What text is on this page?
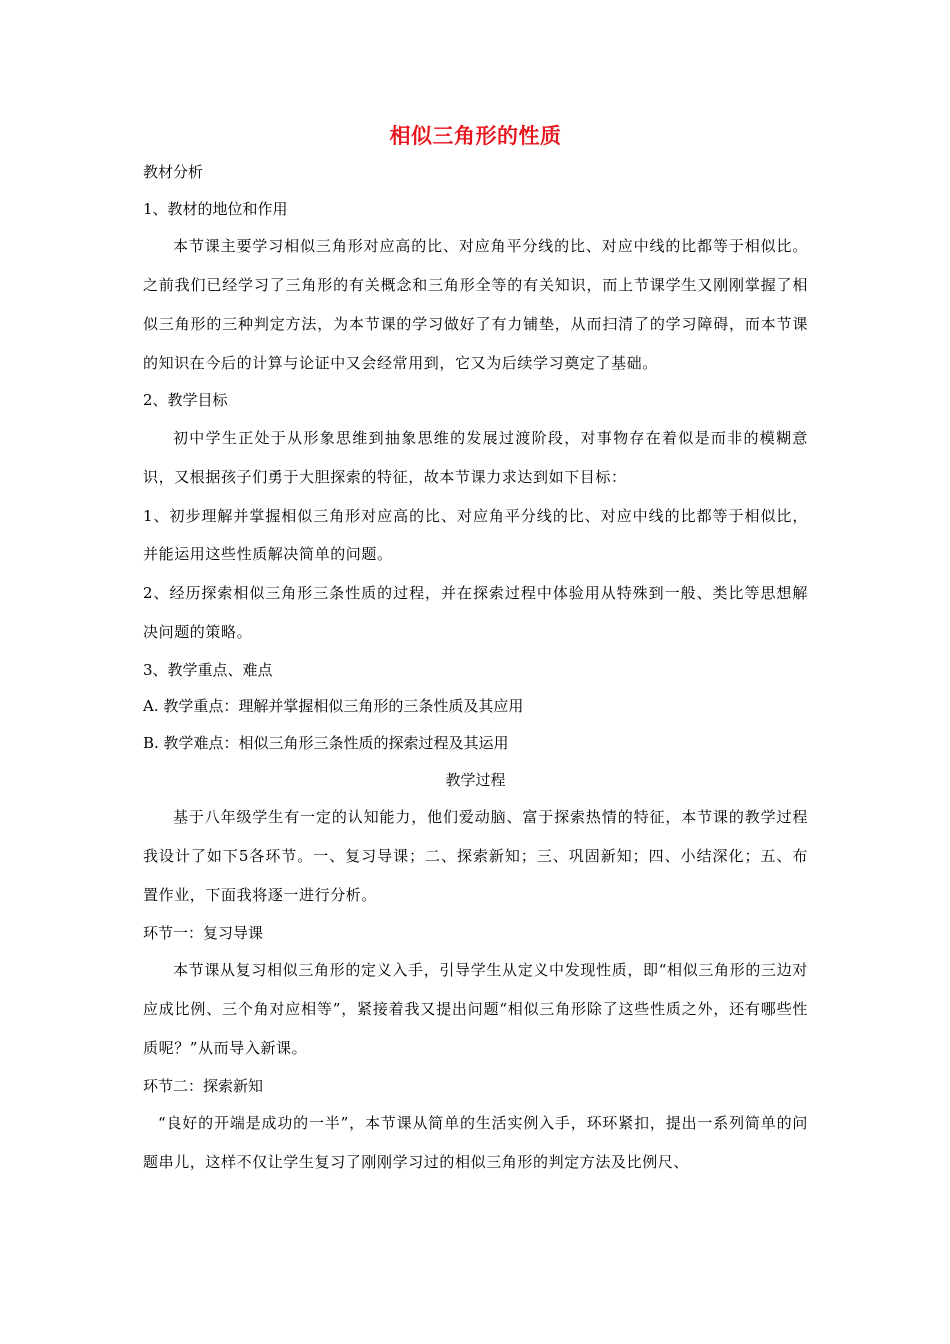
相似三角形的性质

教材分析

1、教材的地位和作用

本节课主要学习相似三角形对应高的比、对应角平分线的比、对应中线的比都等于相似比。之前我们已经学习了三角形的有关概念和三角形全等的有关知识，而上节课学生又刚刚掌握了相似三角形的三种判定方法，为本节课的学习做好了有力铺垫，从而扫清了的学习障碍，而本节课的知识在今后的计算与论证中又会经常用到，它又为后续学习奠定了基础。

2、教学目标

初中学生正处于从形象思维到抽象思维的发展过渡阶段，对事物存在着似是而非的模糊意识，又根据孩子们勇于大胆探索的特征，故本节课力求达到如下目标：

1、初步理解并掌握相似三角形对应高的比、对应角平分线的比、对应中线的比都等于相似比，并能运用这些性质解决简单的问题。

2、经历探索相似三角形三条性质的过程，并在探索过程中体验用从特殊到一般、类比等思想解决问题的策略。

3、教学重点、难点

A. 教学重点：理解并掌握相似三角形的三条性质及其应用

B. 教学难点：相似三角形三条性质的探索过程及其运用

教学过程

基于八年级学生有一定的认知能力，他们爱动脑、富于探索热情的特征，本节课的教学过程我设计了如下5各环节。一、复习导课；二、探索新知；三、巩固新知；四、小结深化；五、布置作业，下面我将逐一进行分析。

环节一：复习导课

本节课从复习相似三角形的定义入手，引导学生从定义中发现性质，即“相似三角形的三边对应成比例、三个角对应相等”，紧接着我又提出问题“相似三角形除了这些性质之外，还有哪些性质呢？”从而导入新课。

环节二：探索新知

“良好的开端是成功的一半”，本节课从简单的生活实例入手，环环紧扣，提出一系列简单的问题串儿，这样不仅让学生复习了刚刚学习过的相似三角形的判定方法及比例尺、
